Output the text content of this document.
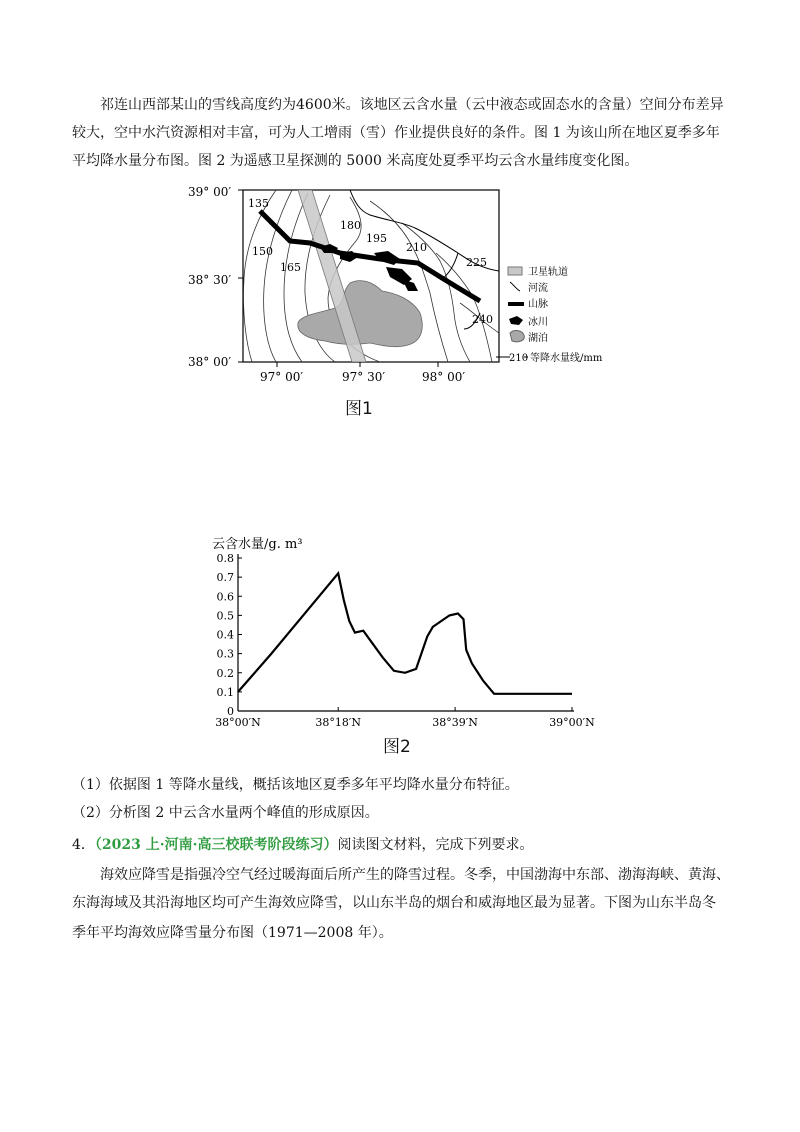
祁连山西部某山的雪线高度约为4600米。该地区云含水量（云中液态或固态水的含量）空间分布差异
较大，空中水汽资源相对丰富，可为人工增雨（雪）作业提供良好的条件。图 1 为该山所在地区夏季多年
平均降水量分布图。图 2 为遥感卫星探测的 5000 米高度处夏季平均云含水量纬度变化图。
39° 00′
38° 30′
38° 00′
97° 00′	97° 30′	98° 00′
135
150
165
180
195
210
225
240
卫星轨道
河流
山脉
冰川
湖泊
210 等降水量线/mm
图1
云含水量/g. m³
0
0.1
0.2
0.3
0.4
0.5
0.6
0.7
0.8
38°00′N	38°18′N	38°39′N	39°00′N
图2
（1）依据图 1 等降水量线，概括该地区夏季多年平均降水量分布特征。
（2）分析图 2 中云含水量两个峰值的形成原因。
4．（2023 上·河南·高三校联考阶段练习）阅读图文材料，完成下列要求。
海效应降雪是指强冷空气经过暖海面后所产生的降雪过程。冬季，中国渤海中东部、渤海海峡、黄海、
东海海域及其沿海地区均可产生海效应降雪，以山东半岛的烟台和威海地区最为显著。下图为山东半岛冬
季年平均海效应降雪量分布图（1971—2008 年）。
